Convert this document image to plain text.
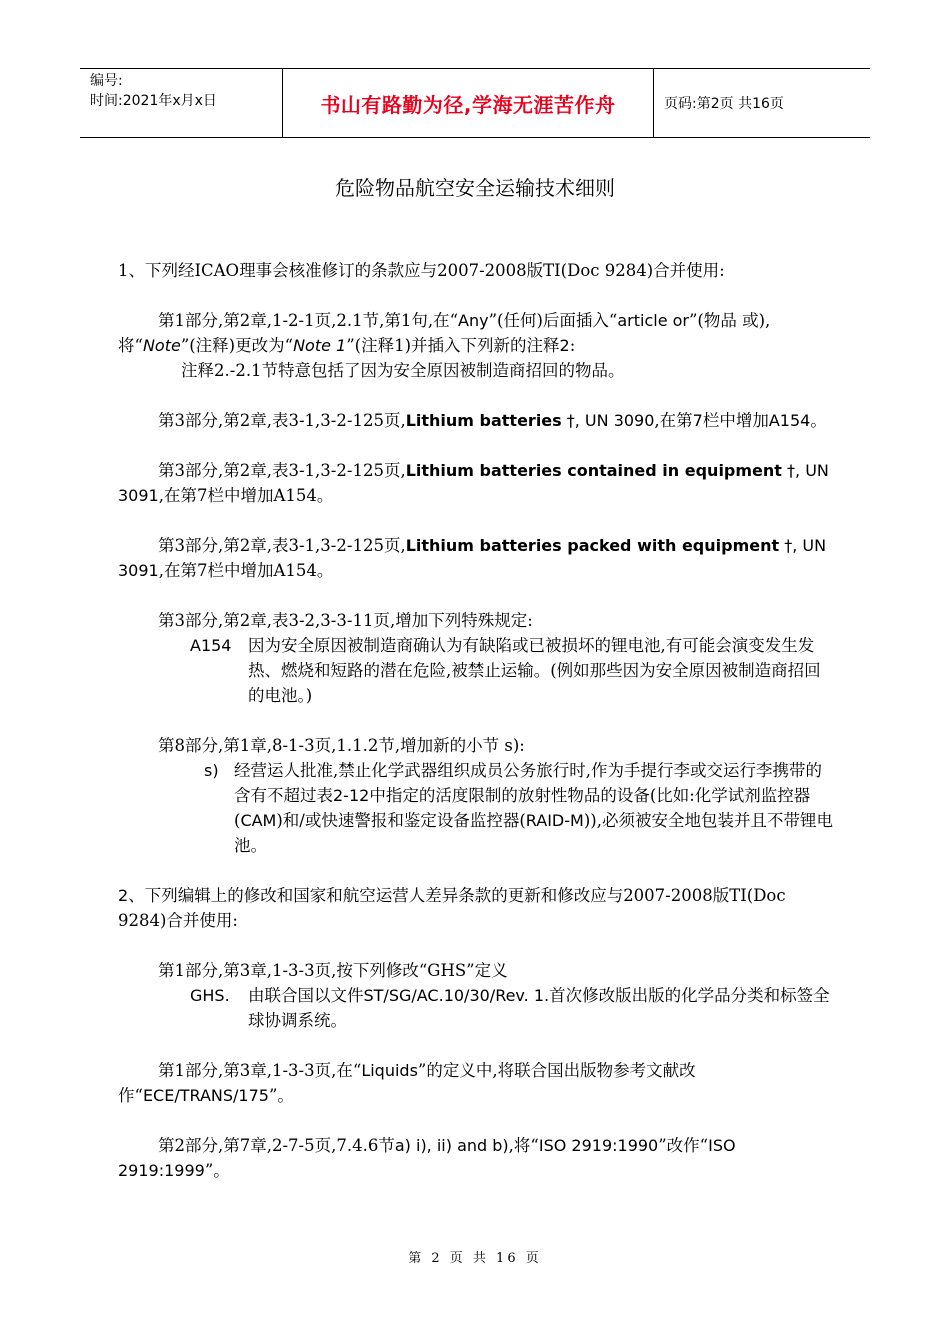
编号:
时间:2021年x月x日	书山有路勤为径,学海无涯苦作舟	页码:第2页 共16页
危险物品航空安全运输技术细则

1、下列经ICAO理事会核准修订的条款应与2007-2008版TI(Doc 9284)合并使用:

第1部分,第2章,1-2-1页,2.1节,第1句,在“Any”(任何)后面插入“article or”(物品 或),将“Note”(注释)更改为“Note 1”(注释1)并插入下列新的注释2:

注释2.-2.1节特意包括了因为安全原因被制造商招回的物品。

第3部分,第2章,表3-1,3-2-125页,Lithium batteries †, UN 3090,在第7栏中增加A154。

第3部分,第2章,表3-1,3-2-125页,Lithium batteries contained in equipment †, UN 3091,在第7栏中增加A154。

第3部分,第2章,表3-1,3-2-125页,Lithium batteries packed with equipment †, UN 3091,在第7栏中增加A154。

第3部分,第2章,表3-2,3-3-11页,增加下列特殊规定:

A154	因为安全原因被制造商确认为有缺陷或已被损坏的锂电池,有可能会演变发生发热、燃烧和短路的潜在危险,被禁止运输。(例如那些因为安全原因被制造商招回的电池。)

第8部分,第1章,8-1-3页,1.1.2节,增加新的小节 s):

s) 经营运人批准,禁止化学武器组织成员公务旅行时,作为手提行李或交运行李携带的含有不超过表2-12中指定的活度限制的放射性物品的设备(比如:化学试剂监控器(CAM)和/或快速警报和鉴定设备监控器(RAID-M)),必须被安全地包装并且不带锂电池。

2、下列编辑上的修改和国家和航空运营人差异条款的更新和修改应与2007-2008版TI(Doc 9284)合并使用:

第1部分,第3章,1-3-3页,按下列修改“GHS”定义

GHS.	由联合国以文件ST/SG/AC.10/30/Rev. 1.首次修改版出版的化学品分类和标签全球协调系统。

第1部分,第3章,1-3-3页,在“Liquids”的定义中,将联合国出版物参考文献改作“ECE/TRANS/175”。

第2部分,第7章,2-7-5页,7.4.6节a) i), ii) and b),将“ISO 2919:1990”改作“ISO 2919:1999”。

第 2 页 共 16 页
